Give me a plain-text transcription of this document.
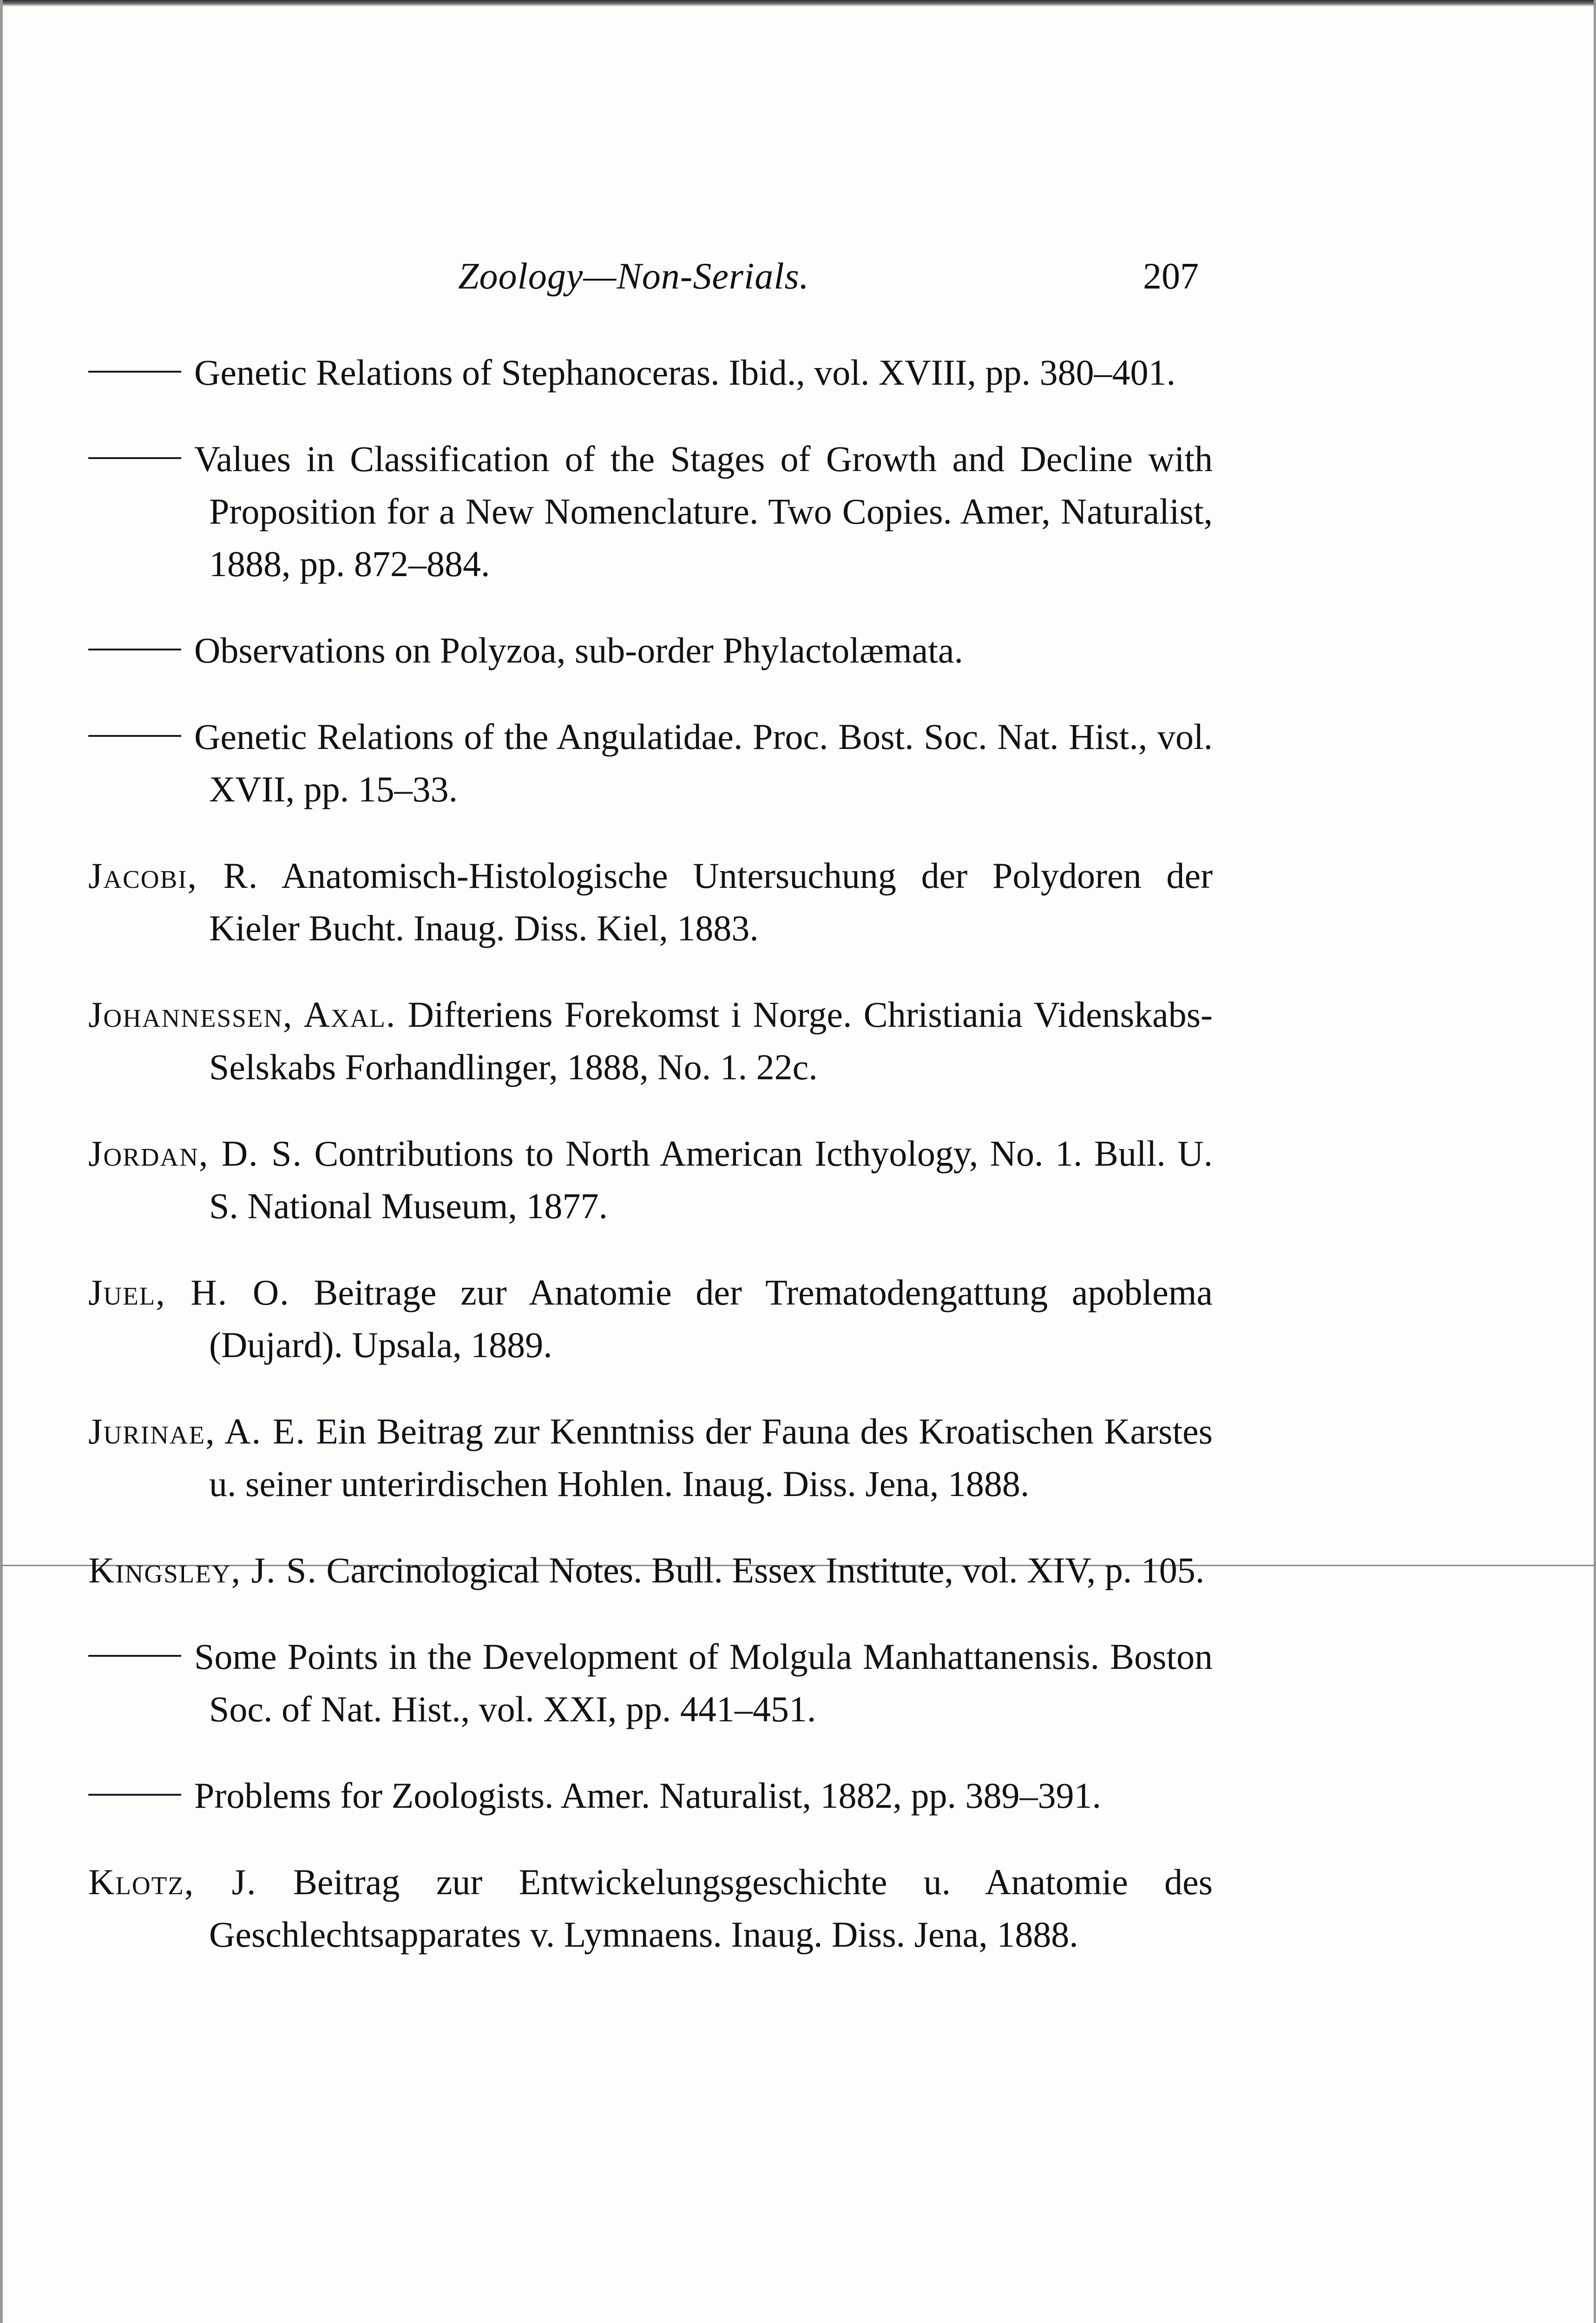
Zoology—Non-Serials.	207

Genetic Relations of Stephanoceras. Ibid., vol. XVIII, pp. 380–401.

Values in Classification of the Stages of Growth and Decline with Proposition for a New Nomenclature. Two Copies. Amer, Naturalist, 1888, pp. 872–884.

Observations on Polyzoa, sub-order Phylactolæmata.

Genetic Relations of the Angulatidae. Proc. Bost. Soc. Nat. Hist., vol. XVII, pp. 15–33.

Jacobi, R. Anatomisch-Histologische Untersuchung der Polydoren der Kieler Bucht. Inaug. Diss. Kiel, 1883.

Johannessen, Axal. Difteriens Forekomst i Norge. Christiania Videnskabs-Selskabs Forhandlinger, 1888, No. 1. 22c.

Jordan, D. S. Contributions to North American Icthyology, No. 1. Bull. U. S. National Museum, 1877.

Juel, H. O. Beitrage zur Anatomie der Trematodengattung apoblema (Dujard). Upsala, 1889.

Jurinae, A. E. Ein Beitrag zur Kenntniss der Fauna des Kroatischen Karstes u. seiner unterirdischen Hohlen. Inaug. Diss. Jena, 1888.

Kingsley, J. S. Carcinological Notes. Bull. Essex Institute, vol. XIV, p. 105.

Some Points in the Development of Molgula Manhattanensis. Boston Soc. of Nat. Hist., vol. XXI, pp. 441–451.

Problems for Zoologists. Amer. Naturalist, 1882, pp. 389–391.

Klotz, J. Beitrag zur Entwickelungsgeschichte u. Anatomie des Geschlechtsapparates v. Lymnaens. Inaug. Diss. Jena, 1888.
